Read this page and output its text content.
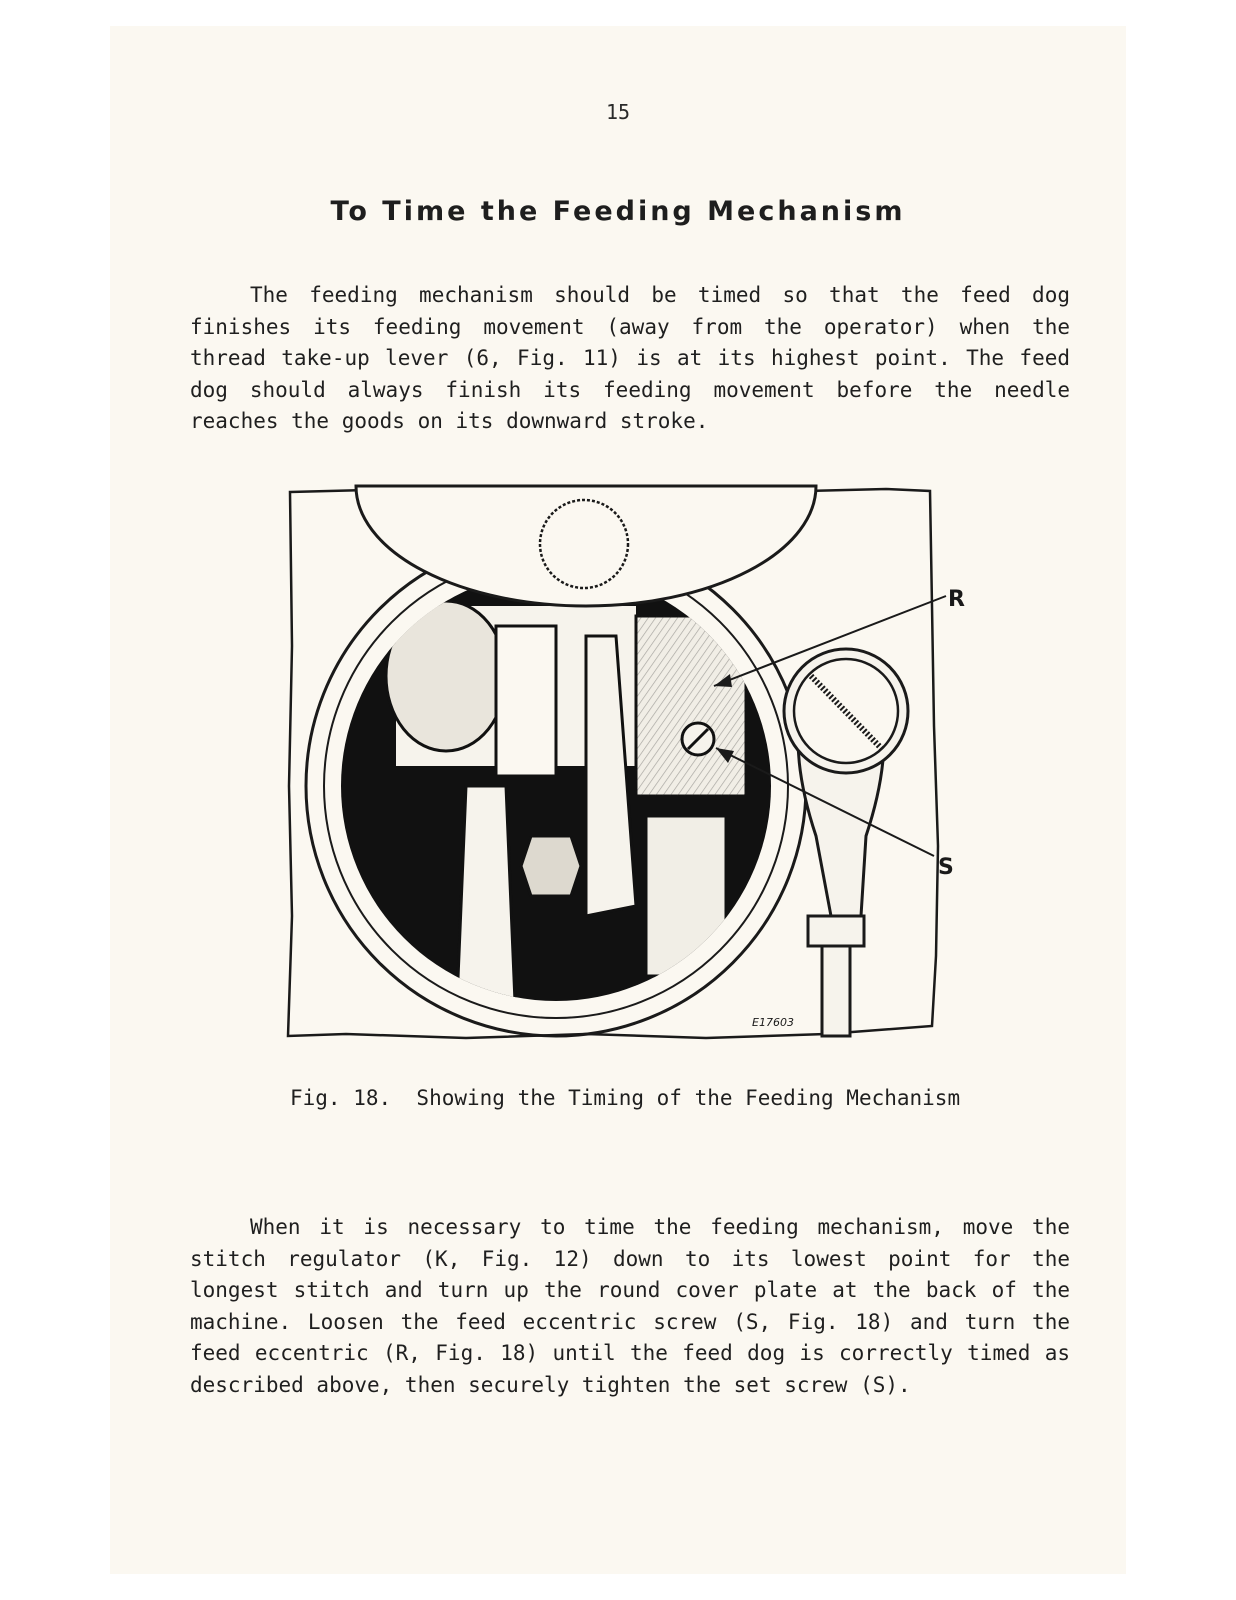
15
To Time the Feeding Mechanism

The feeding mechanism should be timed so that the feed dog finishes its feeding movement (away from the operator) when the thread take-up lever (6, Fig. 11) is at its highest point. The feed dog should always finish its feeding movement before the needle reaches the goods on its downward stroke.

R
S
E17603
Fig. 18.  Showing the Timing of the Feeding Mechanism

When it is necessary to time the feeding mechanism, move the stitch regulator (K, Fig. 12) down to its lowest point for the longest stitch and turn up the round cover plate at the back of the machine. Loosen the feed eccentric screw (S, Fig. 18) and turn the feed eccentric (R, Fig. 18) until the feed dog is correctly timed as described above, then securely tighten the set screw (S).
